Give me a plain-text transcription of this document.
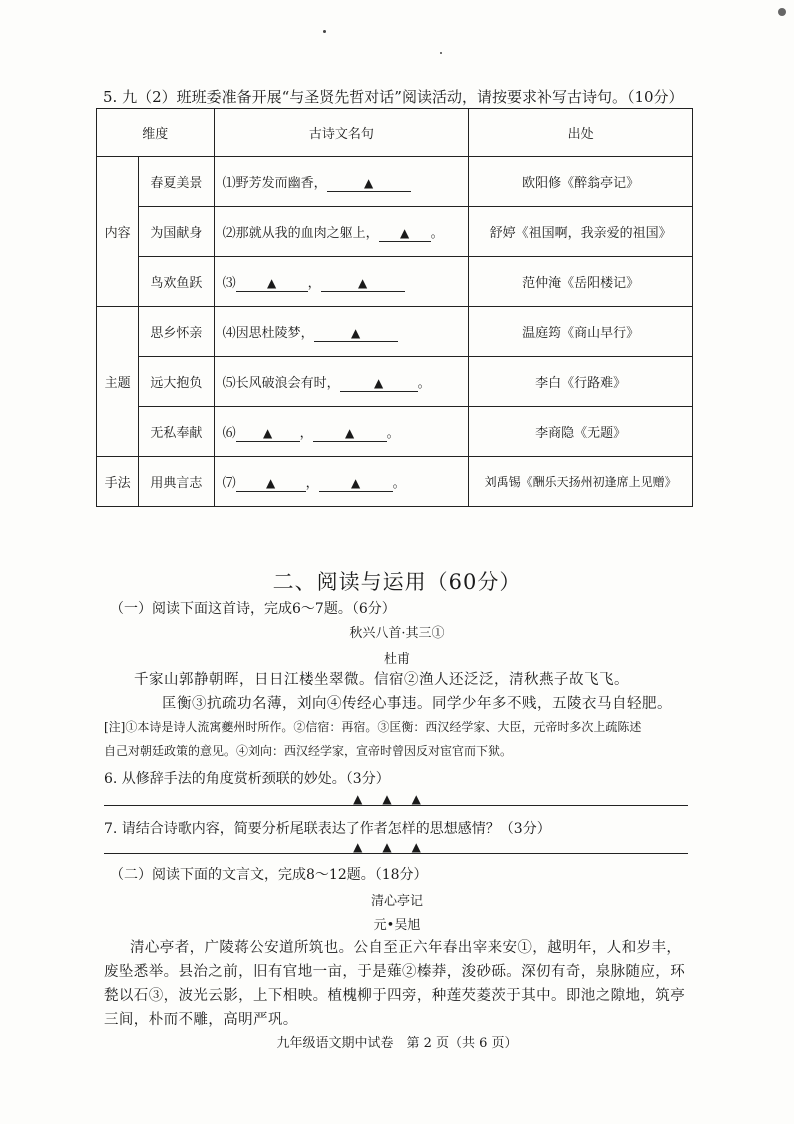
5. 九（2）班班委准备开展“与圣贤先哲对话”阅读活动，请按要求补写古诗句。（10分）
维度		古诗文名句	出处
内容	春夏美景	⑴野芳发而幽香， ▲	欧阳修《醉翁亭记》
	为国献身	⑵那就从我的血肉之躯上， ▲ 。	舒婷《祖国啊，我亲爱的祖国》
	鸟欢鱼跃	⑶ ▲ ， ▲	范仲淹《岳阳楼记》
主题	思乡怀亲	⑷因思杜陵梦， ▲	温庭筠《商山早行》
	远大抱负	⑸长风破浪会有时， ▲ 。	李白《行路难》
	无私奉献	⑹ ▲ ， ▲ 。	李商隐《无题》
手法	用典言志	⑺ ▲ ， ▲ 。	刘禹锡《酬乐天扬州初逢席上见赠》
二、阅读与运用（60分）
（一）阅读下面这首诗，完成6～7题。（6分）
秋兴八首·其三①
杜甫
千家山郭静朝晖，日日江楼坐翠微。信宿②渔人还泛泛，清秋燕子故飞飞。
匡衡③抗疏功名薄，刘向④传经心事违。同学少年多不贱，五陵衣马自轻肥。
[注]①本诗是诗人流寓夔州时所作。②信宿：再宿。③匡衡：西汉经学家、大臣，元帝时多次上疏陈述
自己对朝廷政策的意见。④刘向：西汉经学家，宣帝时曾因反对宦官而下狱。
6. 从修辞手法的角度赏析颈联的妙处。（3分）
▲▲▲
7. 请结合诗歌内容，简要分析尾联表达了作者怎样的思想感情？（3分）
▲▲▲
（二）阅读下面的文言文，完成8～12题。（18分）
清心亭记
元•吴旭
清心亭者，广陵蒋公安道所筑也。公自至正六年春出宰来安①，越明年，人和岁丰，
废坠悉举。县治之前，旧有官地一亩，于是薙②榛莽，浚砂砾。深仞有奇，泉脉随应，环
甃以石③，波光云影，上下相映。植槐柳于四旁，种莲芡菱茨于其中。即池之隙地，筑亭
三间，朴而不雕，高明严巩。
九年级语文期中试卷　第 2 页（共 6 页）
